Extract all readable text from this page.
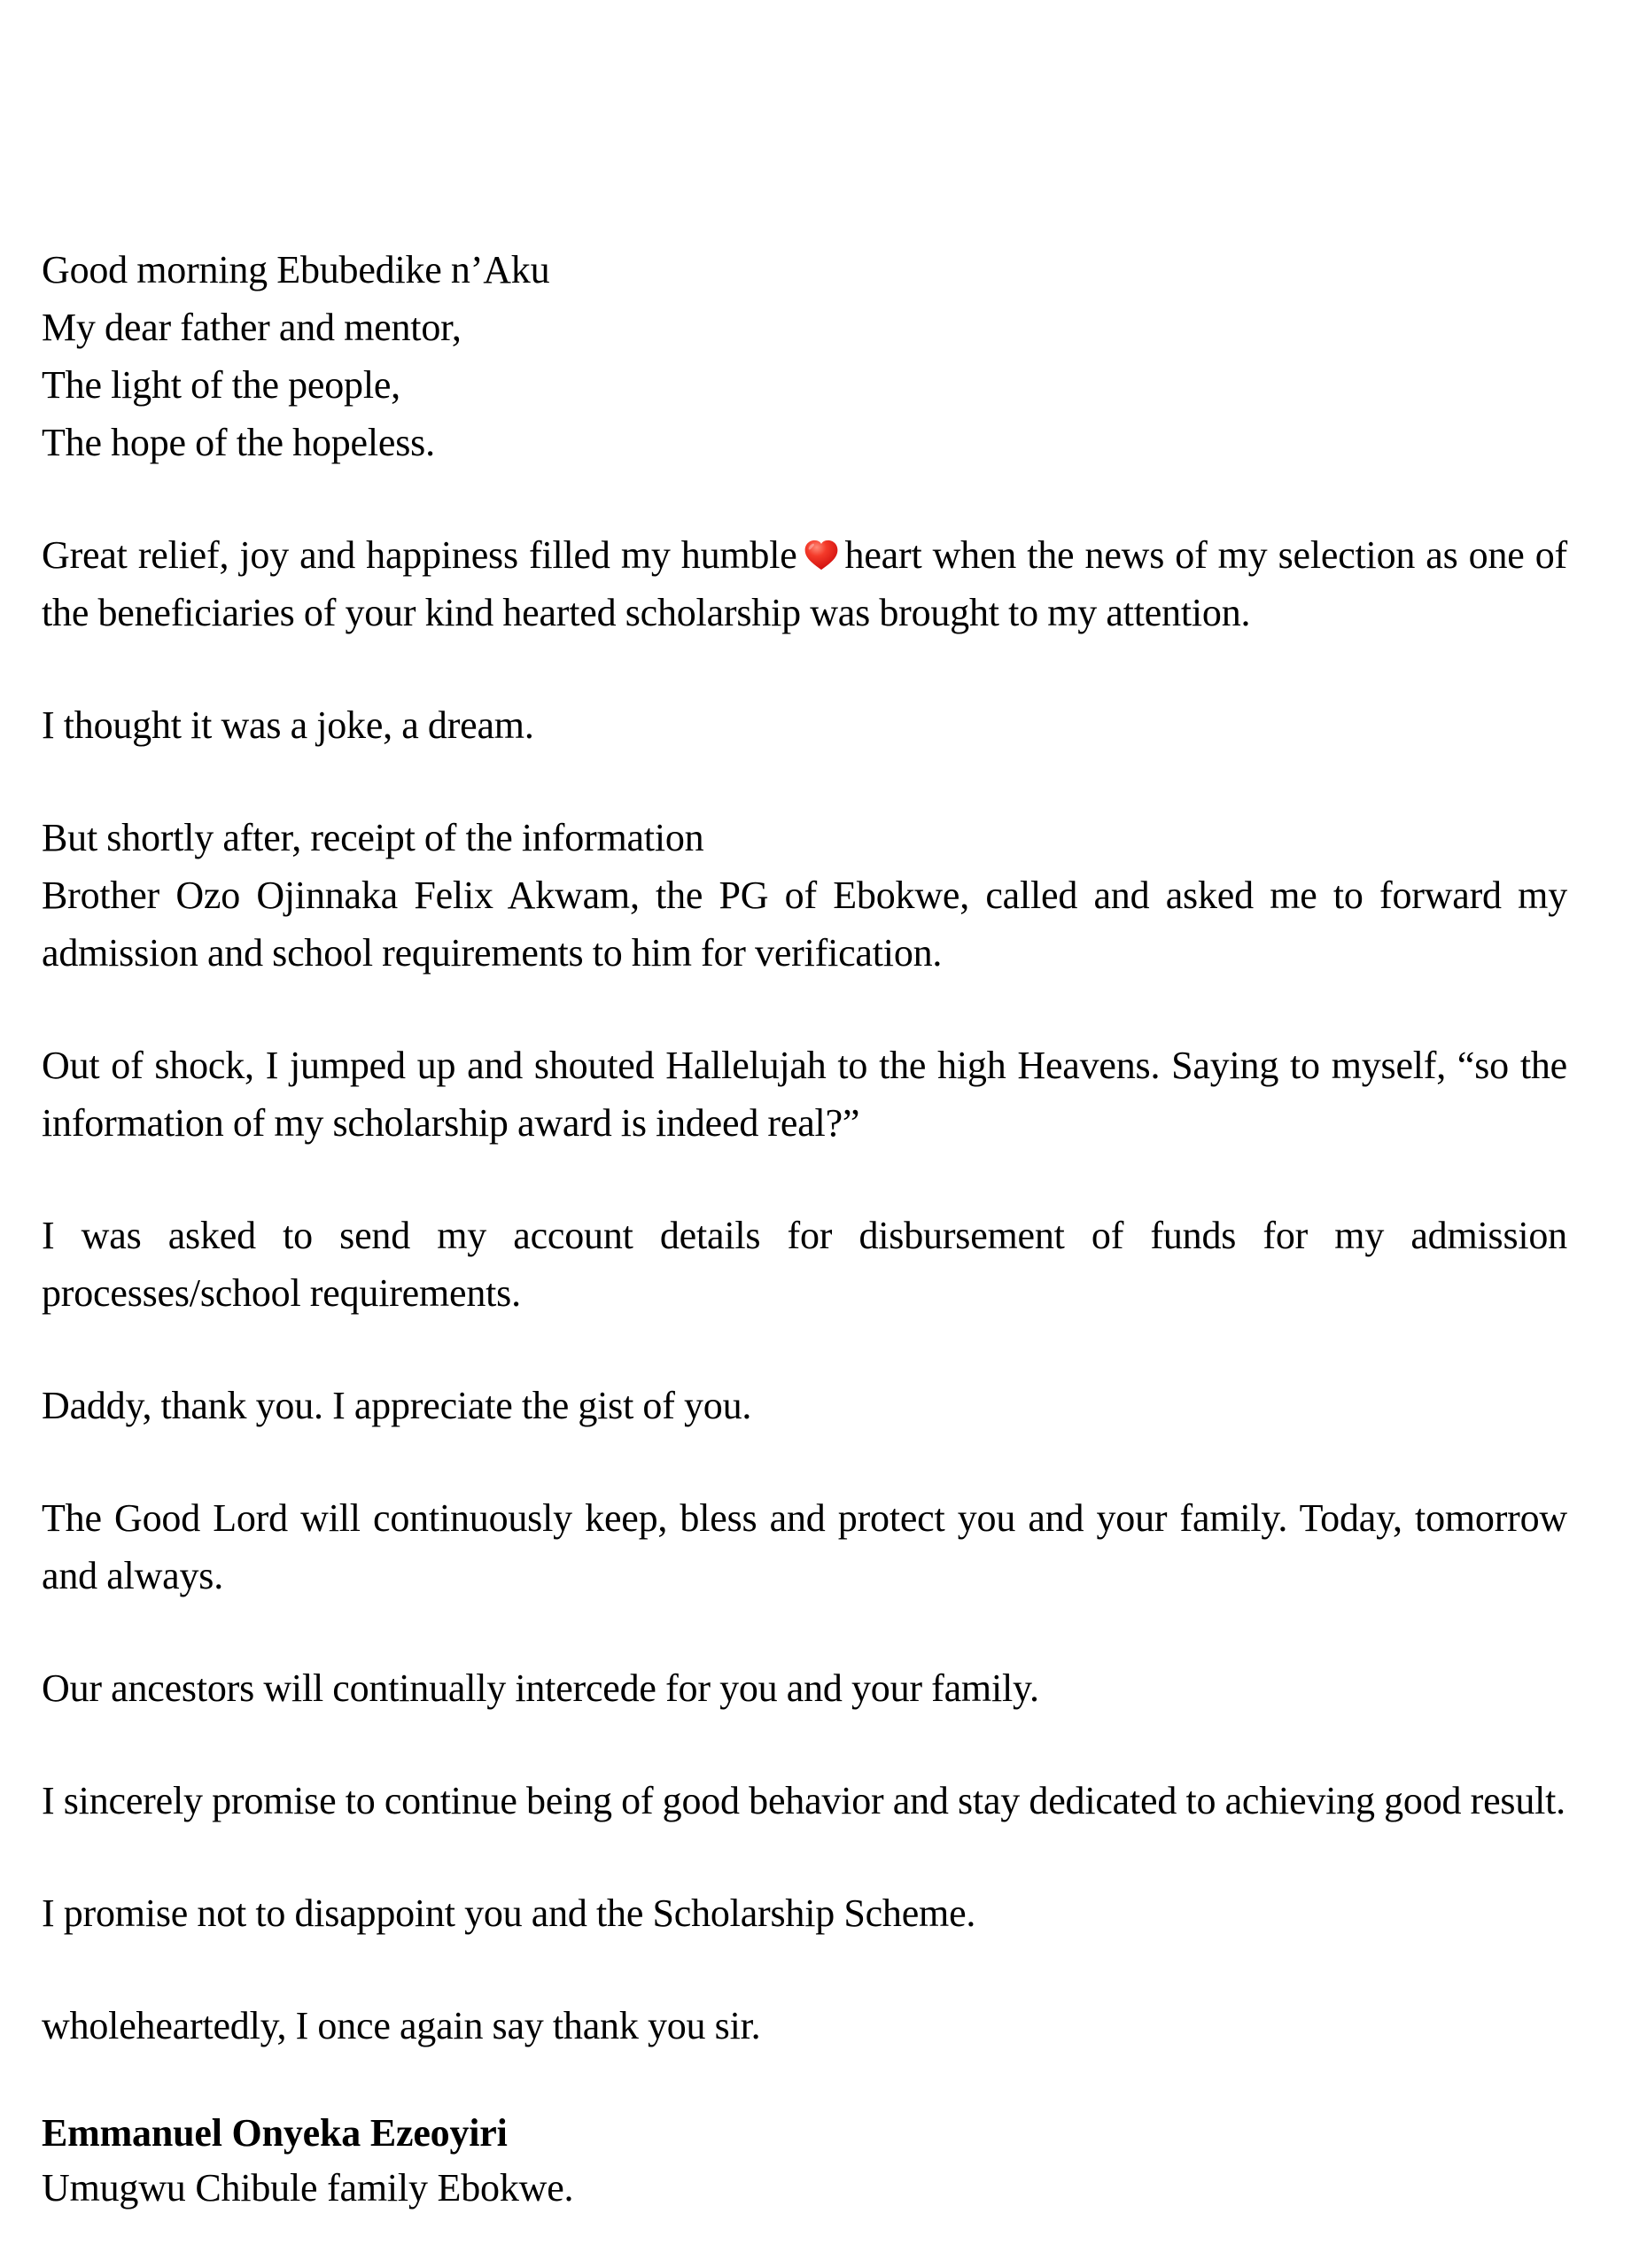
Good morning Ebubedike n’Aku
My dear father and mentor,
The light of the people,
The hope of the hopeless.

Great relief, joy and happiness filled my humble heart when the news of my selection as one of the beneficiaries of your kind hearted scholarship was brought to my attention.

I thought it was a joke, a dream.

But shortly after, receipt of the information

Brother Ozo Ojinnaka Felix Akwam, the PG of Ebokwe, called and asked me to forward my admission and school requirements to him for verification.

Out of shock, I jumped up and shouted Hallelujah to the high Heavens. Saying to myself, “so the information of my scholarship award is indeed real?”

I was asked to send my account details for disbursement of funds for my admission processes/school requirements.

Daddy, thank you. I appreciate the gist of you.

The Good Lord will continuously keep, bless and protect you and your family. Today, tomorrow and always.

Our ancestors will continually intercede for you and your family.

I sincerely promise to continue being of good behavior and stay dedicated to achieving good result.

I promise not to disappoint you and the Scholarship Scheme.

wholeheartedly, I once again say thank you sir.

Emmanuel Onyeka Ezeoyiri

Umugwu Chibule family Ebokwe.
